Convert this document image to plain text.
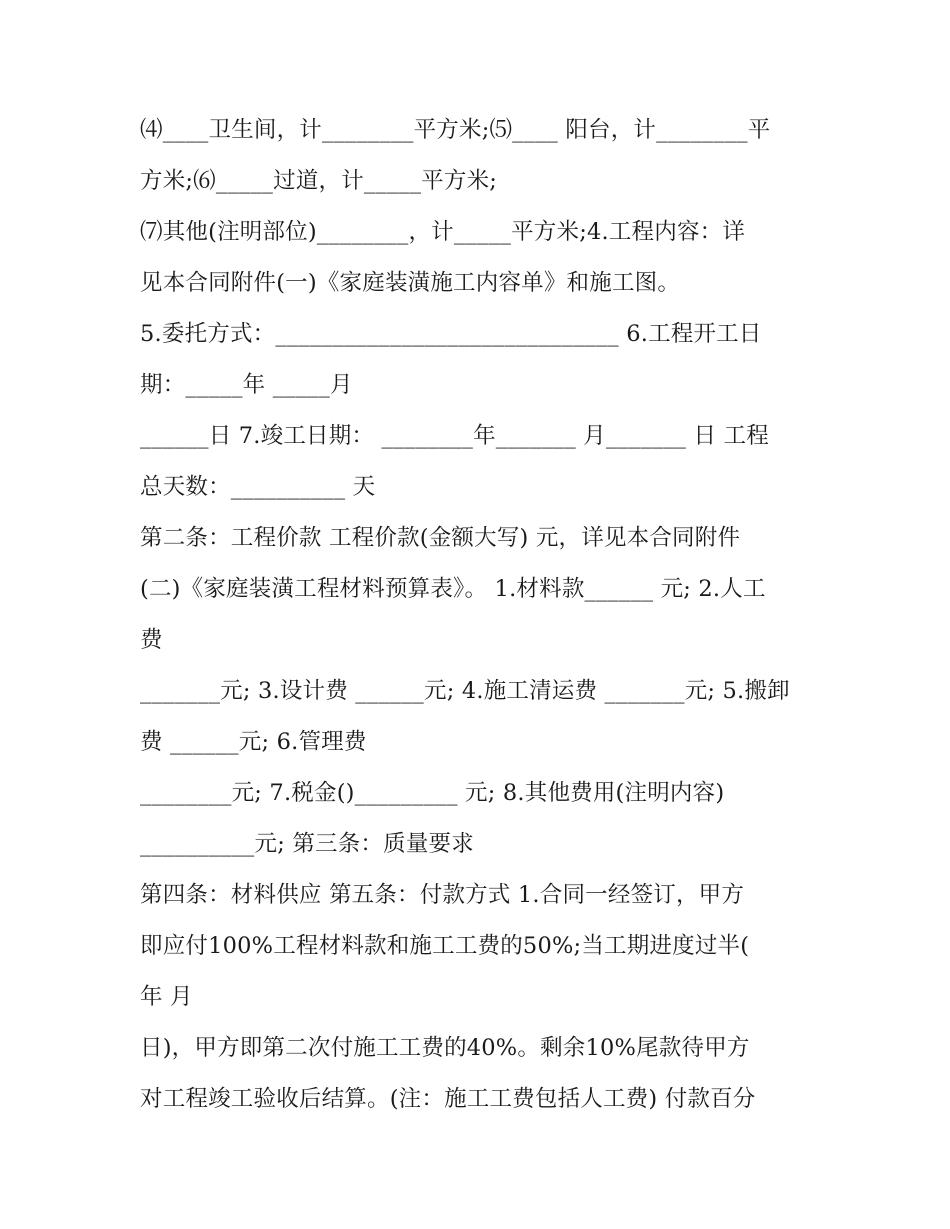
⑷____卫生间，计________平方米;⑸____ 阳台，计________平
方米;⑹_____过道，计_____平方米;
⑺其他(注明部位)________，计_____平方米;4.工程内容：详
见本合同附件(一)《家庭装潢施工内容单》和施工图。
5.委托方式：______________________________ 6.工程开工日
期：_____年 _____月
______日 7.竣工日期： ________年_______ 月_______ 日 工程
总天数：__________ 天
第二条：工程价款 工程价款(金额大写) 元，详见本合同附件
(二)《家庭装潢工程材料预算表》。 1.材料款______ 元; 2.人工
费
_______元; 3.设计费 ______元; 4.施工清运费 _______元; 5.搬卸
费 ______元; 6.管理费
________元; 7.税金()_________ 元; 8.其他费用(注明内容)
__________元; 第三条：质量要求
第四条：材料供应 第五条：付款方式 1.合同一经签订，甲方
即应付100%工程材料款和施工工费的50%;当工期进度过半(
年 月
日)，甲方即第二次付施工工费的40%。剩余10%尾款待甲方
对工程竣工验收后结算。(注：施工工费包括人工费) 付款百分
